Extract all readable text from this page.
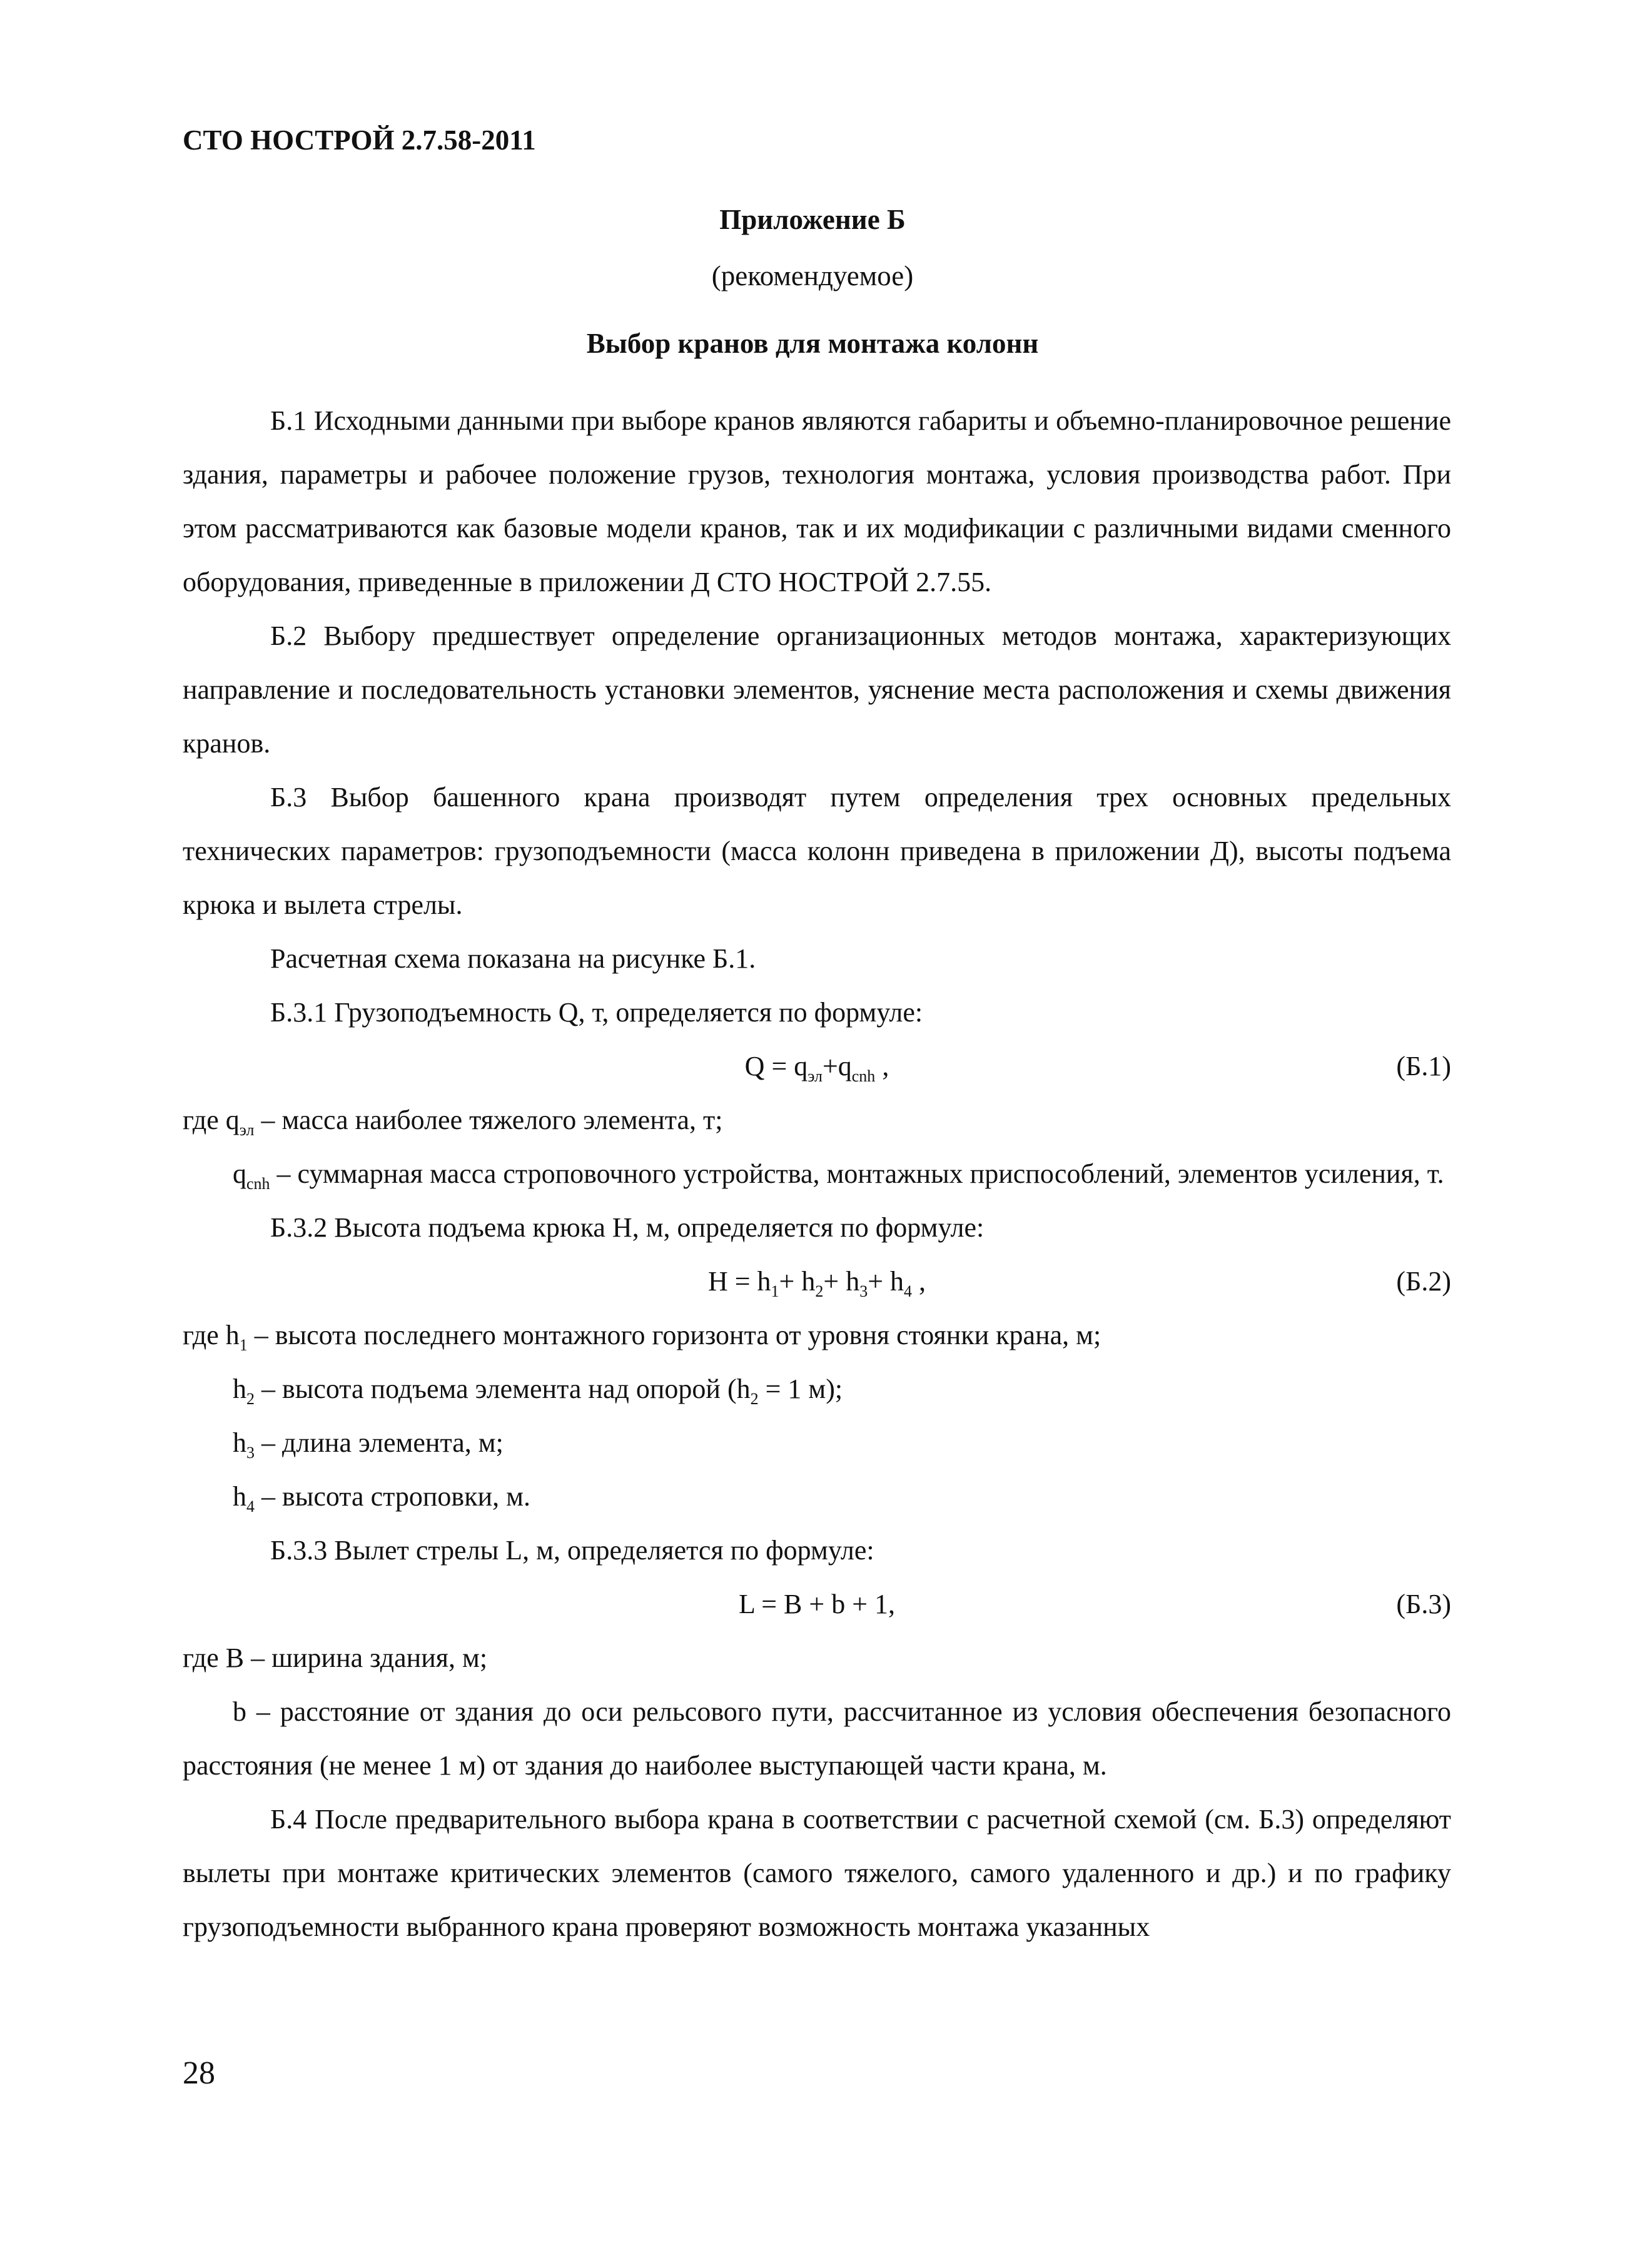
СТО НОСТРОЙ 2.7.58-2011
Приложение Б
(рекомендуемое)
Выбор кранов для монтажа колонн

Б.1 Исходными данными при выборе кранов являются габариты и объемно-планировочное решение здания, параметры и рабочее положение грузов, технология монтажа, условия производства работ. При этом рассматриваются как базовые модели кранов, так и их модификации с различными видами сменного оборудования, приведенные в приложении Д СТО НОСТРОЙ 2.7.55.

Б.2 Выбору предшествует определение организационных методов монтажа, характеризующих направление и последовательность установки элементов, уяснение места расположения и схемы движения кранов.

Б.3 Выбор башенного крана производят путем определения трех основных предельных технических параметров: грузоподъемности (масса колонн приведена в приложении Д), высоты подъема крюка и вылета стрелы.

Расчетная схема показана на рисунке Б.1.

Б.3.1 Грузоподъемность Q, т, определяется по формуле:

$Q = q_{эл}+q_{cnh}$ ,	(Б.1)

где $q_{эл}$ – масса наиболее тяжелого элемента, т;

$q_{cnh}$ – суммарная масса строповочного устройства, монтажных приспособлений, элементов усиления, т.

Б.3.2 Высота подъема крюка H, м, определяется по формуле:

$H = h_1+ h_2+ h_3+ h_4$ ,	(Б.2)

где $h_1$ – высота последнего монтажного горизонта от уровня стоянки крана, м;

$h_2$ – высота подъема элемента над опорой ($h_2 = 1$ м);

$h_3$ – длина элемента, м;

$h_4$ – высота строповки, м.

Б.3.3 Вылет стрелы L, м, определяется по формуле:

L = B + b + 1,	(Б.3)

где B – ширина здания, м;

b – расстояние от здания до оси рельсового пути, рассчитанное из условия обеспечения безопасного расстояния (не менее 1 м) от здания до наиболее выступающей части крана, м.

Б.4 После предварительного выбора крана в соответствии с расчетной схемой (см. Б.3) определяют вылеты при монтаже критических элементов (самого тяжелого, самого удаленного и др.) и по графику грузоподъемности выбранного крана проверяют возможность монтажа указанных

28
